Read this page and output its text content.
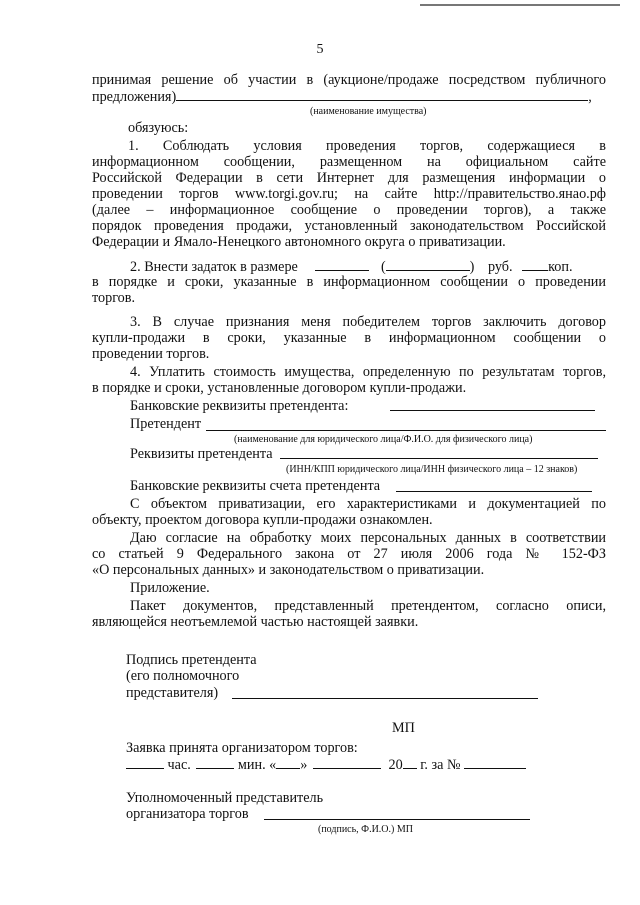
5
принимая решение об участии в (аукционе/продаже посредством публичного
предложения)	,
(наименование имущества)
обязуюсь:
1. Соблюдать условия проведения торгов, содержащиеся в
информационном сообщении, размещенном на официальном сайте
Российской Федерации в сети Интернет для размещения информации о
проведении торгов www.torgi.gov.ru; на сайте http://правительство.янао.рф
(далее – информационное сообщение о проведении торгов), а также
порядок проведения продажи, установленный законодательством Российской
Федерации и Ямало-Ненецкого автономного округа о приватизации.
2. Внести задаток в размере	(	) руб.	коп.
в порядке и сроки, указанные в информационном сообщении о проведении
торгов.
3. В случае признания меня победителем торгов заключить договор
купли-продажи в сроки, указанные в информационном сообщении о
проведении торгов.
4. Уплатить стоимость имущества, определенную по результатам торгов,
в порядке и сроки, установленные договором купли-продажи.
Банковские реквизиты претендента:
Претендент
(наименование для юридического лица/Ф.И.О. для физического лица)
Реквизиты претендента
(ИНН/КПП юридического лица/ИНН физического лица – 12 знаков)
Банковские реквизиты счета претендента
С объектом приватизации, его характеристиками и документацией по
объекту, проектом договора купли-продажи ознакомлен.
Даю согласие на обработку моих персональных данных в соответствии
со статьей 9 Федерального закона от 27 июля 2006 года № 152-ФЗ
«О персональных данных» и законодательством о приватизации.
Приложение.
Пакет документов, представленный претендентом, согласно описи,
являющейся неотъемлемой частью настоящей заявки.
Подпись претендента
(его полномочного
представителя)
МП
Заявка принята организатором торгов:
час.	мин. « »	20 г. за №
Уполномоченный представитель
организатора торгов
(подпись, Ф.И.О.) МП
